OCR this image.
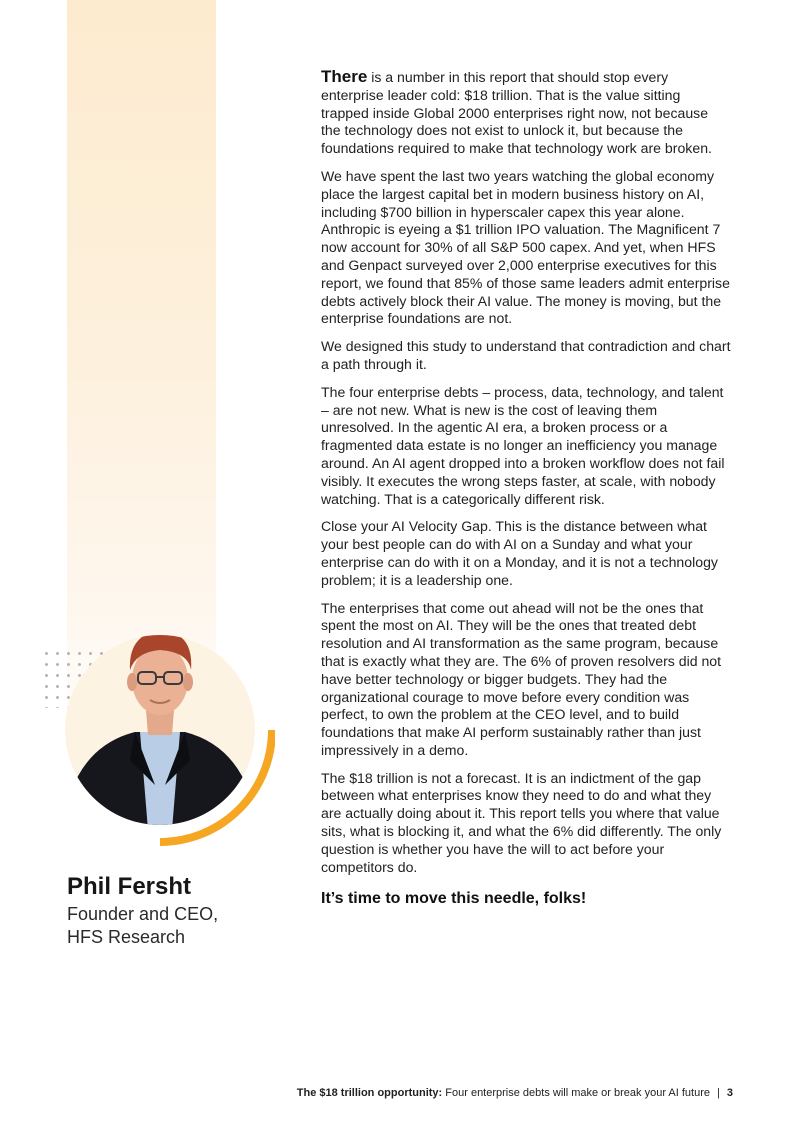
Phil Fersht
Founder and CEO,
HFS Research

There is a number in this report that should stop every enterprise leader cold: $18 trillion. That is the value sitting trapped inside Global 2000 enterprises right now, not because the technology does not exist to unlock it, but because the foundations required to make that technology work are broken.

We have spent the last two years watching the global economy place the largest capital bet in modern business history on AI, including $700 billion in hyperscaler capex this year alone. Anthropic is eyeing a $1 trillion IPO valuation. The Magnificent 7 now account for 30% of all S&P 500 capex. And yet, when HFS and Genpact surveyed over 2,000 enterprise executives for this report, we found that 85% of those same leaders admit enterprise debts actively block their AI value. The money is moving, but the enterprise foundations are not.

We designed this study to understand that contradiction and chart a path through it.

The four enterprise debts – process, data, technology, and talent – are not new. What is new is the cost of leaving them unresolved. In the agentic AI era, a broken process or a fragmented data estate is no longer an inefficiency you manage around. An AI agent dropped into a broken workflow does not fail visibly. It executes the wrong steps faster, at scale, with nobody watching. That is a categorically different risk.

Close your AI Velocity Gap. This is the distance between what your best people can do with AI on a Sunday and what your enterprise can do with it on a Monday, and it is not a technology problem; it is a leadership one.

The enterprises that come out ahead will not be the ones that spent the most on AI. They will be the ones that treated debt resolution and AI transformation as the same program, because that is exactly what they are. The 6% of proven resolvers did not have better technology or bigger budgets. They had the organizational courage to move before every condition was perfect, to own the problem at the CEO level, and to build foundations that make AI perform sustainably rather than just impressively in a demo.

The $18 trillion is not a forecast. It is an indictment of the gap between what enterprises know they need to do and what they are actually doing about it. This report tells you where that value sits, what is blocking it, and what the 6% did differently. The only question is whether you have the will to act before your competitors do.

It’s time to move this needle, folks!

The $18 trillion opportunity: Four enterprise debts will make or break your AI future | 3
